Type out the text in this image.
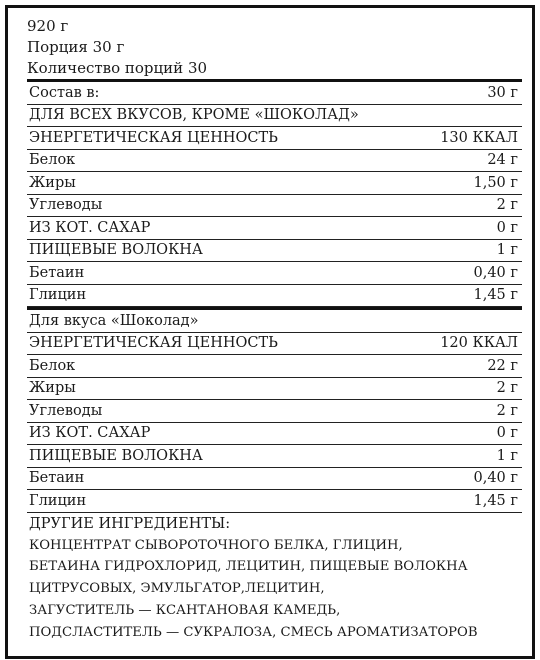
920 г
Порция 30 г
Количество порций 30
Состав в:	30 г
ДЛЯ ВСЕХ ВКУСОВ, КРОМЕ «ШОКОЛАД»
ЭНЕРГЕТИЧЕСКАЯ ЦЕННОСТЬ	130 ККАЛ
Белок	24 г
Жиры	1,50 г
Углеводы	2 г
ИЗ КОТ. САХАР	0 г
ПИЩЕВЫЕ ВОЛОКНА	1 г
Бетаин	0,40 г
Глицин	1,45 г
Для вкуса «Шоколад»
ЭНЕРГЕТИЧЕСКАЯ ЦЕННОСТЬ	120 ККАЛ
Белок	22 г
Жиры	2 г
Углеводы	2 г
ИЗ КОТ. САХАР	0 г
ПИЩЕВЫЕ ВОЛОКНА	1 г
Бетаин	0,40 г
Глицин	1,45 г
ДРУГИЕ ИНГРЕДИЕНТЫ:
КОНЦЕНТРАТ СЫВОРОТОЧНОГО БЕЛКА, ГЛИЦИН,
БЕТАИНА ГИДРОХЛОРИД, ЛЕЦИТИН, ПИЩЕВЫЕ ВОЛОКНА
ЦИТРУСОВЫХ, ЭМУЛЬГАТОР,ЛЕЦИТИН,
ЗАГУСТИТЕЛЬ — КСАНТАНОВАЯ КАМЕДЬ,
ПОДСЛАСТИТЕЛЬ — СУКРАЛОЗА, СМЕСЬ АРОМАТИЗАТОРОВ
